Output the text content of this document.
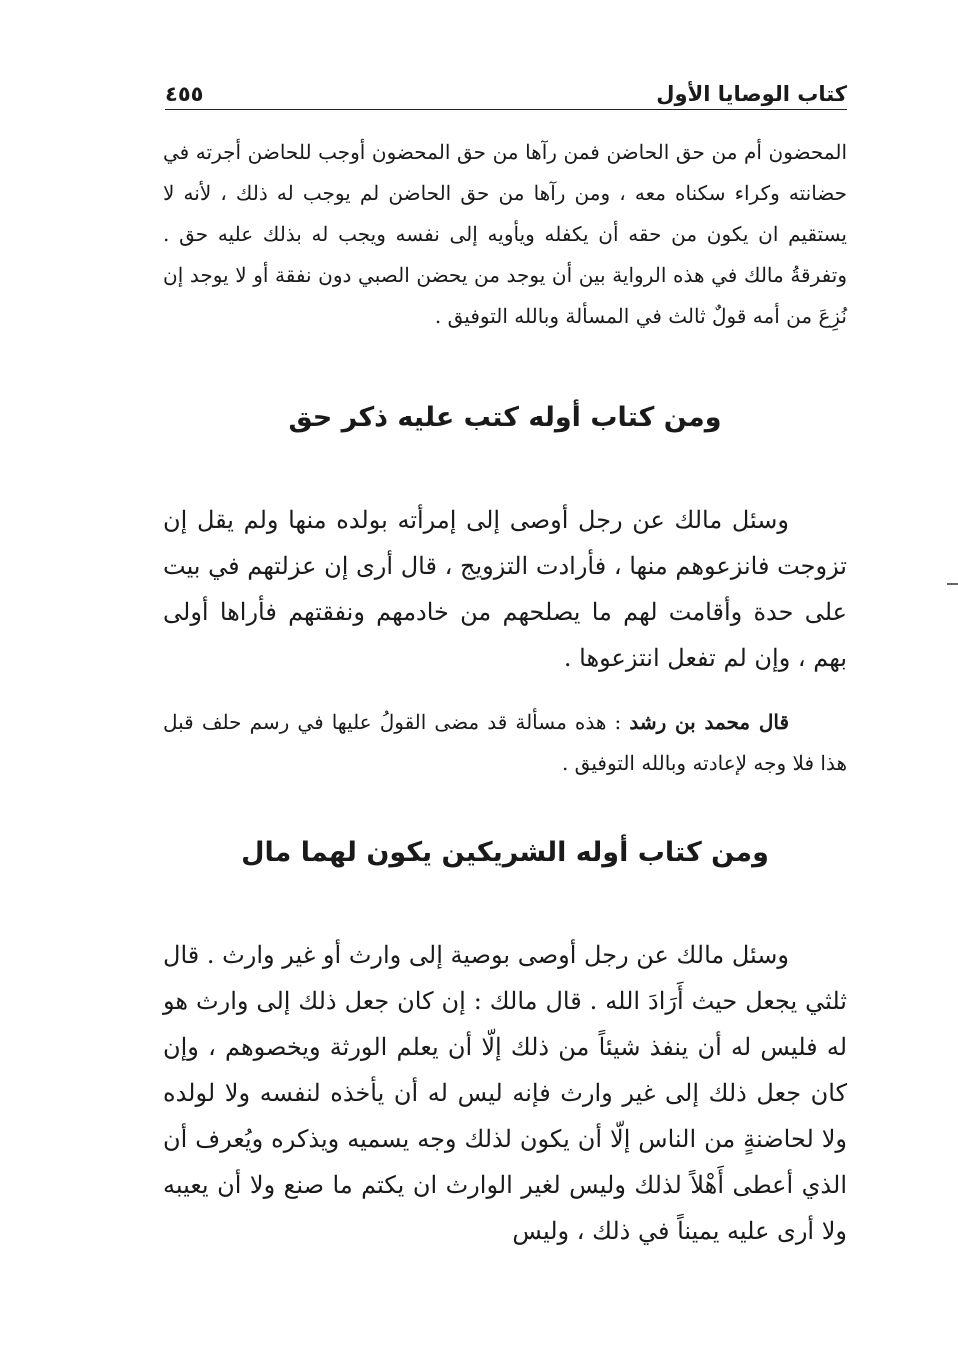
كتاب الوصايا الأول
٤٥٥

المحضون أم من حق الحاضن فمن رآها من حق المحضون أوجب للحاضن أجرته في حضانته وكراء سكناه معه ، ومن رآها من حق الحاضن لم يوجب له ذلك ، لأنه لا يستقيم ان يكون من حقه أن يكفله ويأويه إلى نفسه ويجب له بذلك عليه حق . وتفرقةُ مالك في هذه الرواية بين أن يوجد من يحضن الصبي دون نفقة أو لا يوجد إن نُزِعَ من أمه قولٌ ثالث في المسألة وبالله التوفيق .

ومن كتاب أوله كتب عليه ذكر حق

وسئل مالك عن رجل أوصى إلى إمرأته بولده منها ولم يقل إن تزوجت فانزعوهم منها ، فأرادت التزويج ، قال أرى إن عزلتهم في بيت على حدة وأقامت لهم ما يصلحهم من خادمهم ونفقتهم فأراها أولى بهم ، وإن لم تفعل انتزعوها .

قال محمد بن رشد : هذه مسألة قد مضى القولُ عليها في رسم حلف قبل هذا فلا وجه لإعادته وبالله التوفيق .

ومن كتاب أوله الشريكين يكون لهما مال

وسئل مالك عن رجل أوصى بوصية إلى وارث أو غير وارث . قال ثلثي يجعل حيث أَرَادَ الله . قال مالك : إن كان جعل ذلك إلى وارث هو له فليس له أن ينفذ شيئاً من ذلك إلّا أن يعلم الورثة ويخصوهم ، وإن كان جعل ذلك إلى غير وارث فإنه ليس له أن يأخذه لنفسه ولا لولده ولا لحاضنةٍ من الناس إلّا أن يكون لذلك وجه يسميه ويذكره ويُعرف أن الذي أعطى أَهْلاً لذلك وليس لغير الوارث ان يكتم ما صنع ولا أن يعيبه ولا أرى عليه يميناً في ذلك ، وليس
